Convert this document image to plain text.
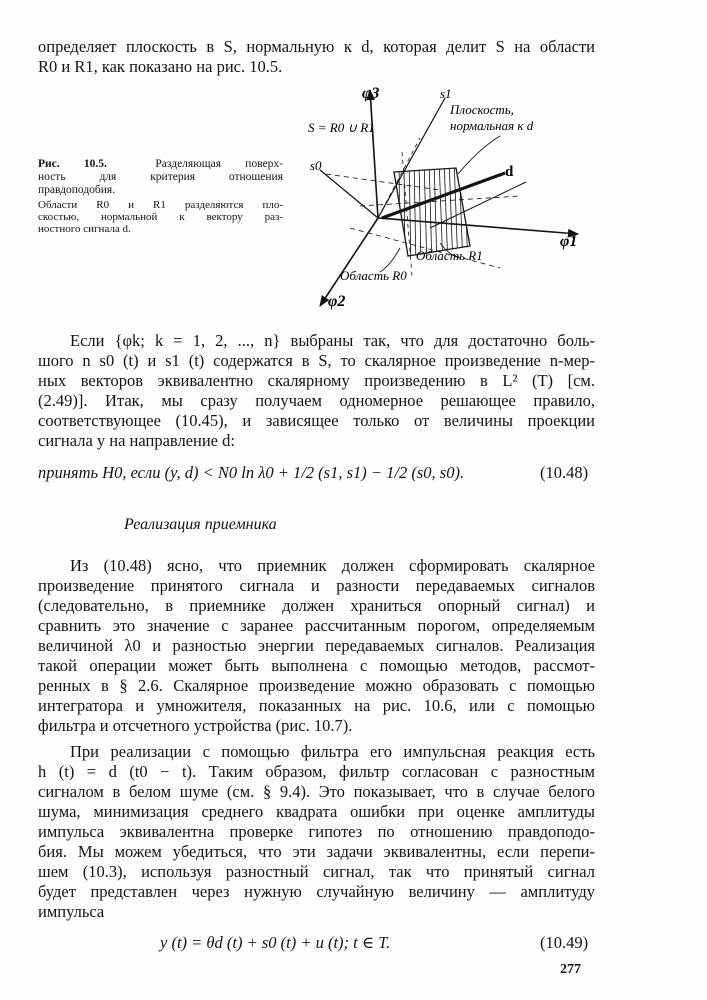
определяет плоскость в S, нормальную к d, которая делит S на области
R0 и R1, как показано на рис. 10.5.
Рис. 10.5.	Разделяющая поверх-
ность для критерия отношения
правдоподобия.
Области R0 и R1 разделяются пло-
скостью, нормальной к вектору раз-
ностного сигнала d.
φ3
φ1
φ2
s1
s0	d
S = R0 ∪ R1
Плоскость,
нормальная к d
Область R1
Область R0
Если {φk; k = 1, 2, ..., n} выбраны так, что для достаточно боль-
шого n s0 (t) и s1 (t) содержатся в S, то скалярное произведение n-мер-
ных векторов эквивалентно скалярному произведению в L² (T) [см.
(2.49)]. Итак, мы сразу получаем одномерное решающее правило,
соответствующее (10.45), и зависящее только от величины проекции
сигнала y на направление d:
принять H0, если (y, d) < N0 ln λ0 + 1/2 (s1, s1) − 1/2 (s0, s0).	(10.48)
Реализация приемника
Из (10.48) ясно, что приемник должен сформировать скалярное
произведение принятого сигнала и разности передаваемых сигналов
(следовательно, в приемнике должен храниться опорный сигнал) и
сравнить это значение с заранее рассчитанным порогом, определяемым
величиной λ0 и разностью энергии передаваемых сигналов. Реализация
такой операции может быть выполнена с помощью методов, рассмот-
ренных в § 2.6. Скалярное произведение можно образовать с помощью
интегратора и умножителя, показанных на рис. 10.6, или с помощью
фильтра и отсчетного устройства (рис. 10.7).
При реализации с помощью фильтра его импульсная реакция есть
h (t) = d (t0 − t). Таким образом, фильтр согласован с разностным
сигналом в белом шуме (см. § 9.4). Это показывает, что в случае белого
шума, минимизация среднего квадрата ошибки при оценке амплитуды
импульса эквивалентна проверке гипотез по отношению правдоподо-
бия. Мы можем убедиться, что эти задачи эквивалентны, если перепи-
шем (10.3), используя разностный сигнал, так что принятый сигнал
будет представлен через нужную случайную величину — амплитуду
импульса
y (t) = θd (t) + s0 (t) + u (t); t ∈ T.	(10.49)
277
